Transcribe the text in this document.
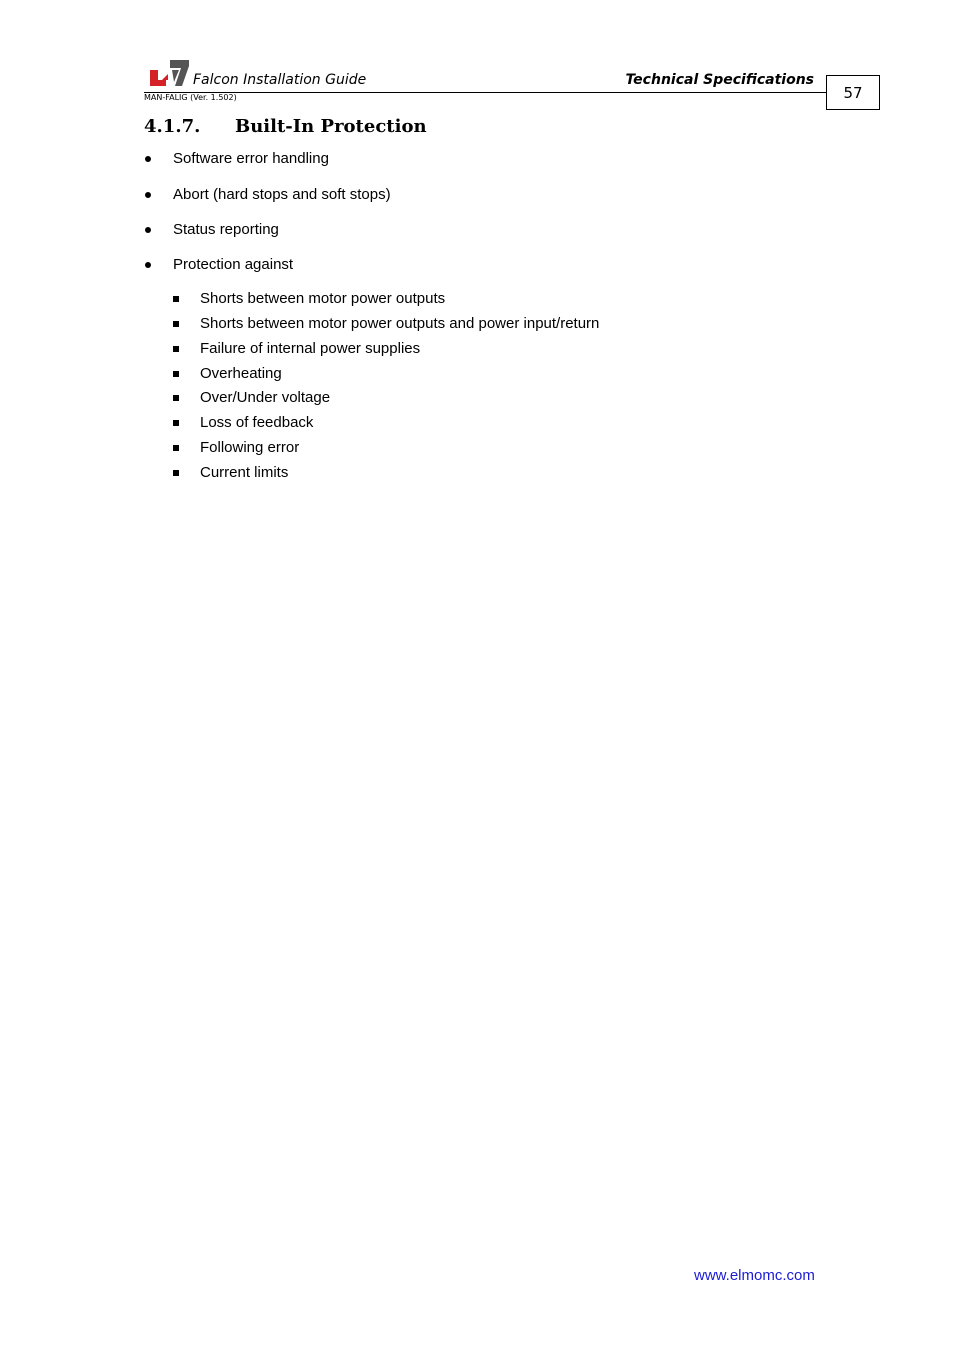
Falcon Installation Guide
MAN-FALIG (Ver. 1.502)
Technical Specifications
57
4.1.7. Built-In Protection
Software error handling
Abort (hard stops and soft stops)
Status reporting
Protection against
Shorts between motor power outputs
Shorts between motor power outputs and power input/return
Failure of internal power supplies
Overheating
Over/Under voltage
Loss of feedback
Following error
Current limits
www.elmomc.com
